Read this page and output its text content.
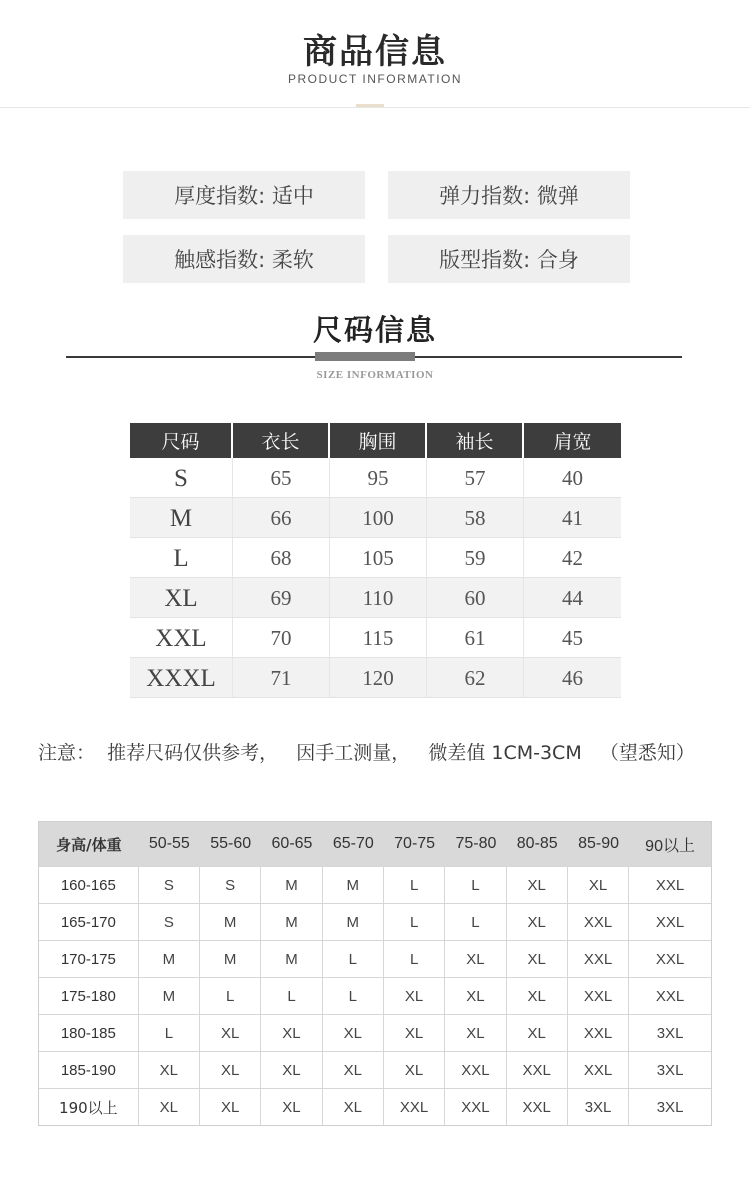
商品信息
PRODUCT INFORMATION
厚度指数: 适中	弹力指数: 微弹
触感指数: 柔软	版型指数: 合身
尺码信息
SIZE INFORMATION
尺码	衣长	胸围	袖长	肩宽
S	65	95	57	40
M	66	100	58	41
L	68	105	59	42
XL	69	110	60	44
XXL	70	115	61	45
XXXL	71	120	62	46
注意：  推荐尺码仅供参考，   因手工测量，   微差值 1CM-3CM   （望悉知）
身高/体重	50-55	55-60	60-65	65-70	70-75	75-80	80-85	85-90	90以上
160-165	S	S	M	M	L	L	XL	XL	XXL
165-170	S	M	M	M	L	L	XL	XXL	XXL
170-175	M	M	M	L	L	XL	XL	XXL	XXL
175-180	M	L	L	L	XL	XL	XL	XXL	XXL
180-185	L	XL	XL	XL	XL	XL	XL	XXL	3XL
185-190	XL	XL	XL	XL	XL	XXL	XXL	XXL	3XL
190以上	XL	XL	XL	XL	XXL	XXL	XXL	3XL	3XL
